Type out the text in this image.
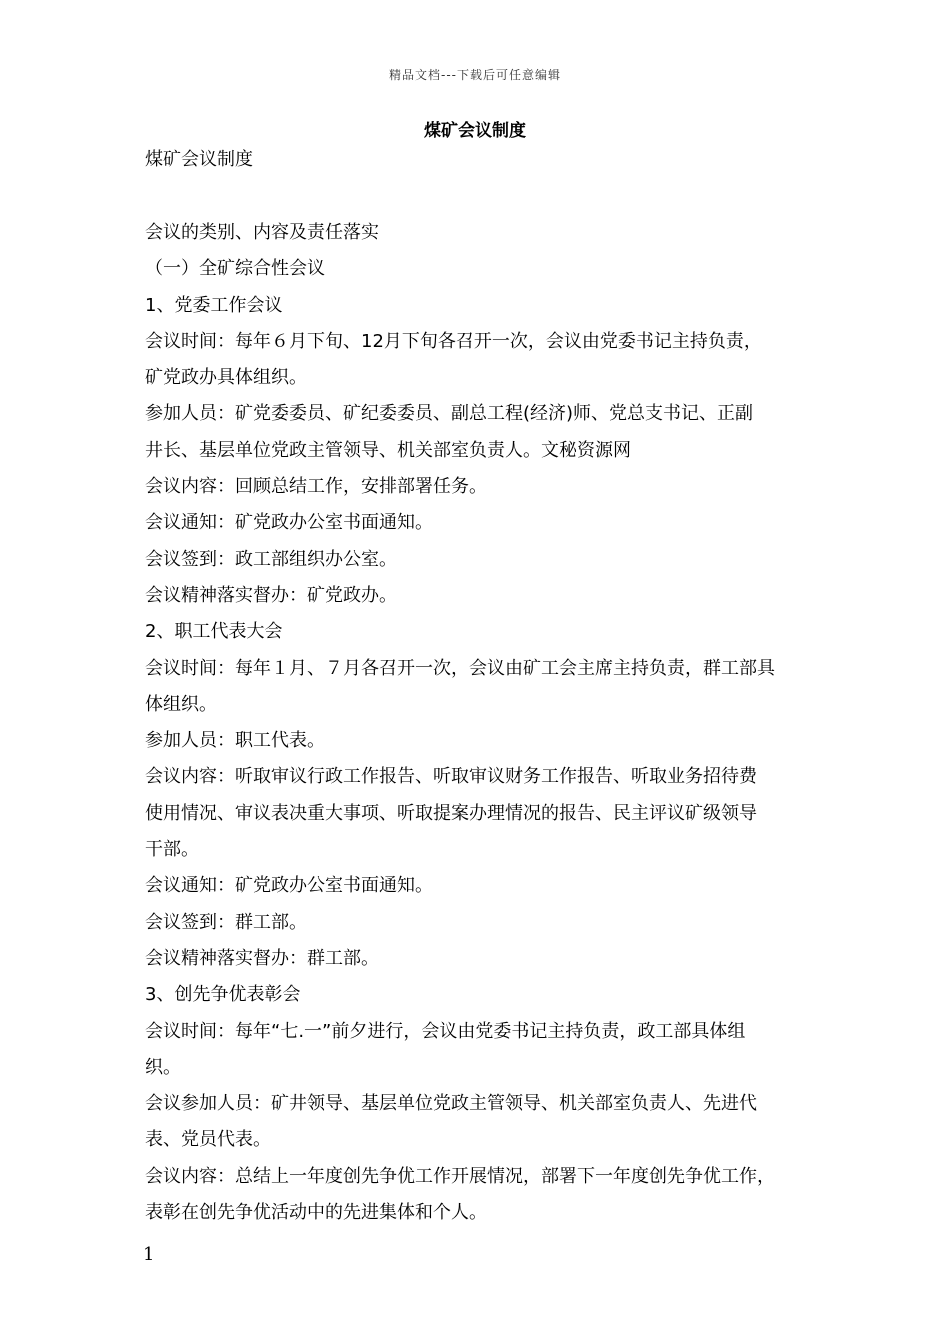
精品文档---下载后可任意编辑
煤矿会议制度
煤矿会议制度
会议的类别、内容及责任落实
（一）全矿综合性会议
1、党委工作会议
会议时间：每年６月下旬、12月下旬各召开一次，会议由党委书记主持负责，
矿党政办具体组织。
参加人员：矿党委委员、矿纪委委员、副总工程(经济)师、党总支书记、正副
井长、基层单位党政主管领导、机关部室负责人。文秘资源网
会议内容：回顾总结工作，安排部署任务。
会议通知：矿党政办公室书面通知。
会议签到：政工部组织办公室。
会议精神落实督办：矿党政办。
2、职工代表大会
会议时间：每年１月、７月各召开一次，会议由矿工会主席主持负责，群工部具
体组织。
参加人员：职工代表。
会议内容：听取审议行政工作报告、听取审议财务工作报告、听取业务招待费
使用情况、审议表决重大事项、听取提案办理情况的报告、民主评议矿级领导
干部。
会议通知：矿党政办公室书面通知。
会议签到：群工部。
会议精神落实督办：群工部。
3、创先争优表彰会
会议时间：每年“七.一”前夕进行，会议由党委书记主持负责，政工部具体组
织。
会议参加人员：矿井领导、基层单位党政主管领导、机关部室负责人、先进代
表、党员代表。
会议内容：总结上一年度创先争优工作开展情况，部署下一年度创先争优工作，
表彰在创先争优活动中的先进集体和个人。
1
